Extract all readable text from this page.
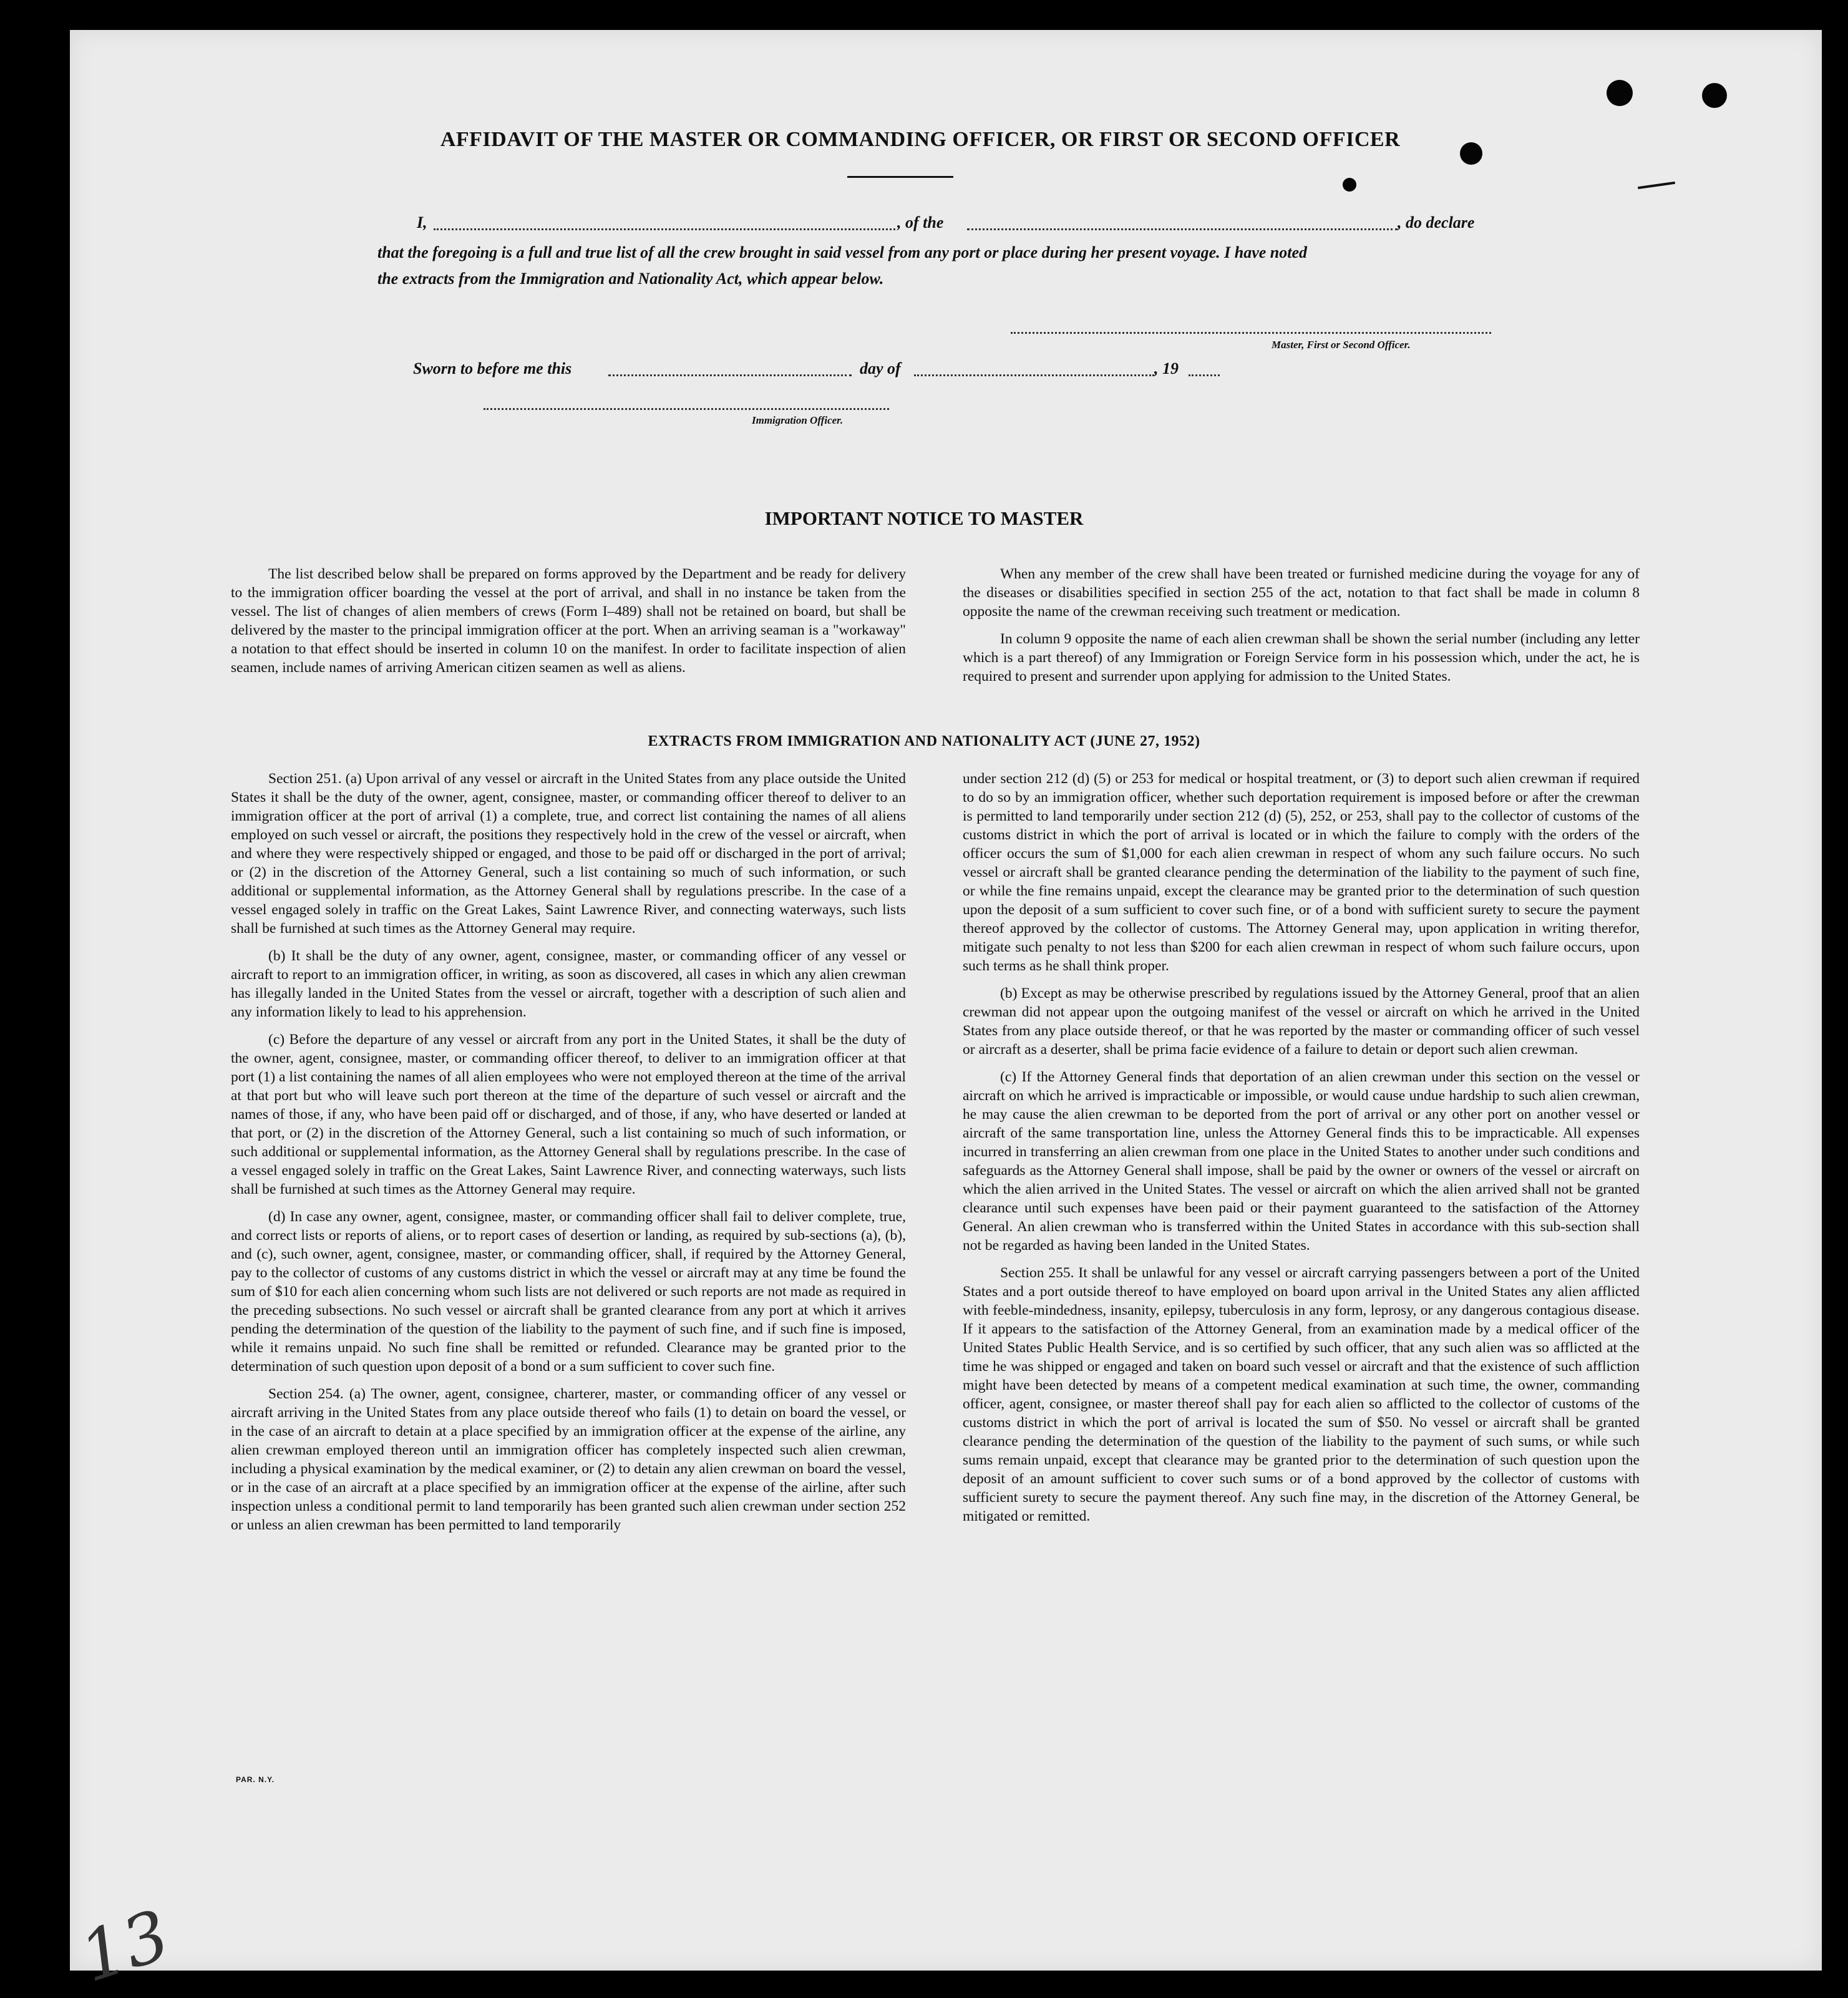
AFFIDAVIT OF THE MASTER OR COMMANDING OFFICER, OR FIRST OR SECOND OFFICER
I,	, of the	, do declare
that the foregoing is a full and true list of all the crew brought in said vessel from any port or place during her present voyage. I have noted
the extracts from the Immigration and Nationality Act, which appear below.
Master, First or Second Officer.
Sworn to before me this	day of	, 19
Immigration Officer.
IMPORTANT NOTICE TO MASTER

The list described below shall be prepared on forms approved by the Department and be ready for delivery to the immigration officer boarding the vessel at the port of arrival, and shall in no instance be taken from the vessel. The list of changes of alien members of crews (Form I–489) shall not be retained on board, but shall be delivered by the master to the principal immigration officer at the port. When an arriving seaman is a "workaway" a notation to that effect should be inserted in column 10 on the manifest. In order to facilitate inspection of alien seamen, include names of arriving American citizen seamen as well as aliens.

When any member of the crew shall have been treated or furnished medicine during the voyage for any of the diseases or disabilities specified in section 255 of the act, notation to that fact shall be made in column 8 opposite the name of the crewman receiving such treatment or medication.

In column 9 opposite the name of each alien crewman shall be shown the serial number (including any letter which is a part thereof) of any Immigration or Foreign Service form in his possession which, under the act, he is required to present and surrender upon applying for admission to the United States.

EXTRACTS FROM IMMIGRATION AND NATIONALITY ACT (JUNE 27, 1952)

Section 251. (a) Upon arrival of any vessel or aircraft in the United States from any place outside the United States it shall be the duty of the owner, agent, consignee, master, or commanding officer thereof to deliver to an immigration officer at the port of arrival (1) a complete, true, and correct list containing the names of all aliens employed on such vessel or aircraft, the positions they respectively hold in the crew of the vessel or aircraft, when and where they were respectively shipped or engaged, and those to be paid off or discharged in the port of arrival; or (2) in the discretion of the Attorney General, such a list containing so much of such information, or such additional or supplemental information, as the Attorney General shall by regulations prescribe. In the case of a vessel engaged solely in traffic on the Great Lakes, Saint Lawrence River, and connecting waterways, such lists shall be furnished at such times as the Attorney General may require.

(b) It shall be the duty of any owner, agent, consignee, master, or commanding officer of any vessel or aircraft to report to an immigration officer, in writing, as soon as discovered, all cases in which any alien crewman has illegally landed in the United States from the vessel or aircraft, together with a description of such alien and any information likely to lead to his apprehension.

(c) Before the departure of any vessel or aircraft from any port in the United States, it shall be the duty of the owner, agent, consignee, master, or commanding officer thereof, to deliver to an immigration officer at that port (1) a list containing the names of all alien employees who were not employed thereon at the time of the arrival at that port but who will leave such port thereon at the time of the departure of such vessel or aircraft and the names of those, if any, who have been paid off or discharged, and of those, if any, who have deserted or landed at that port, or (2) in the discretion of the Attorney General, such a list containing so much of such information, or such additional or supplemental information, as the Attorney General shall by regulations prescribe. In the case of a vessel engaged solely in traffic on the Great Lakes, Saint Lawrence River, and connecting waterways, such lists shall be furnished at such times as the Attorney General may require.

(d) In case any owner, agent, consignee, master, or commanding officer shall fail to deliver complete, true, and correct lists or reports of aliens, or to report cases of desertion or landing, as required by sub-sections (a), (b), and (c), such owner, agent, consignee, master, or commanding officer, shall, if required by the Attorney General, pay to the collector of customs of any customs district in which the vessel or aircraft may at any time be found the sum of $10 for each alien concerning whom such lists are not delivered or such reports are not made as required in the preceding subsections. No such vessel or aircraft shall be granted clearance from any port at which it arrives pending the determination of the question of the liability to the payment of such fine, and if such fine is imposed, while it remains unpaid. No such fine shall be remitted or refunded. Clearance may be granted prior to the determination of such question upon deposit of a bond or a sum sufficient to cover such fine.

Section 254. (a) The owner, agent, consignee, charterer, master, or commanding officer of any vessel or aircraft arriving in the United States from any place outside thereof who fails (1) to detain on board the vessel, or in the case of an aircraft to detain at a place specified by an immigration officer at the expense of the airline, any alien crewman employed thereon until an immigration officer has completely inspected such alien crewman, including a physical examination by the medical examiner, or (2) to detain any alien crewman on board the vessel, or in the case of an aircraft at a place specified by an immigration officer at the expense of the airline, after such inspection unless a conditional permit to land temporarily has been granted such alien crewman under section 252 or unless an alien crewman has been permitted to land temporarily

under section 212 (d) (5) or 253 for medical or hospital treatment, or (3) to deport such alien crewman if required to do so by an immigration officer, whether such deportation requirement is imposed before or after the crewman is permitted to land temporarily under section 212 (d) (5), 252, or 253, shall pay to the collector of customs of the customs district in which the port of arrival is located or in which the failure to comply with the orders of the officer occurs the sum of $1,000 for each alien crewman in respect of whom any such failure occurs. No such vessel or aircraft shall be granted clearance pending the determination of the liability to the payment of such fine, or while the fine remains unpaid, except the clearance may be granted prior to the determination of such question upon the deposit of a sum sufficient to cover such fine, or of a bond with sufficient surety to secure the payment thereof approved by the collector of customs. The Attorney General may, upon application in writing therefor, mitigate such penalty to not less than $200 for each alien crewman in respect of whom such failure occurs, upon such terms as he shall think proper.

(b) Except as may be otherwise prescribed by regulations issued by the Attorney General, proof that an alien crewman did not appear upon the outgoing manifest of the vessel or aircraft on which he arrived in the United States from any place outside thereof, or that he was reported by the master or commanding officer of such vessel or aircraft as a deserter, shall be prima facie evidence of a failure to detain or deport such alien crewman.

(c) If the Attorney General finds that deportation of an alien crewman under this section on the vessel or aircraft on which he arrived is impracticable or impossible, or would cause undue hardship to such alien crewman, he may cause the alien crewman to be deported from the port of arrival or any other port on another vessel or aircraft of the same transportation line, unless the Attorney General finds this to be impracticable. All expenses incurred in transferring an alien crewman from one place in the United States to another under such conditions and safeguards as the Attorney General shall impose, shall be paid by the owner or owners of the vessel or aircraft on which the alien arrived in the United States. The vessel or aircraft on which the alien arrived shall not be granted clearance until such expenses have been paid or their payment guaranteed to the satisfaction of the Attorney General. An alien crewman who is transferred within the United States in accordance with this sub-section shall not be regarded as having been landed in the United States.

Section 255. It shall be unlawful for any vessel or aircraft carrying passengers between a port of the United States and a port outside thereof to have employed on board upon arrival in the United States any alien afflicted with feeble-mindedness, insanity, epilepsy, tuberculosis in any form, leprosy, or any dangerous contagious disease. If it appears to the satisfaction of the Attorney General, from an examination made by a medical officer of the United States Public Health Service, and is so certified by such officer, that any such alien was so afflicted at the time he was shipped or engaged and taken on board such vessel or aircraft and that the existence of such affliction might have been detected by means of a competent medical examination at such time, the owner, commanding officer, agent, consignee, or master thereof shall pay for each alien so afflicted to the collector of customs of the customs district in which the port of arrival is located the sum of $50. No vessel or aircraft shall be granted clearance pending the determination of the question of the liability to the payment of such sums, or while such sums remain unpaid, except that clearance may be granted prior to the determination of such question upon the deposit of an amount sufficient to cover such sums or of a bond approved by the collector of customs with sufficient surety to secure the payment thereof. Any such fine may, in the discretion of the Attorney General, be mitigated or remitted.

PAR. N.Y.
13
